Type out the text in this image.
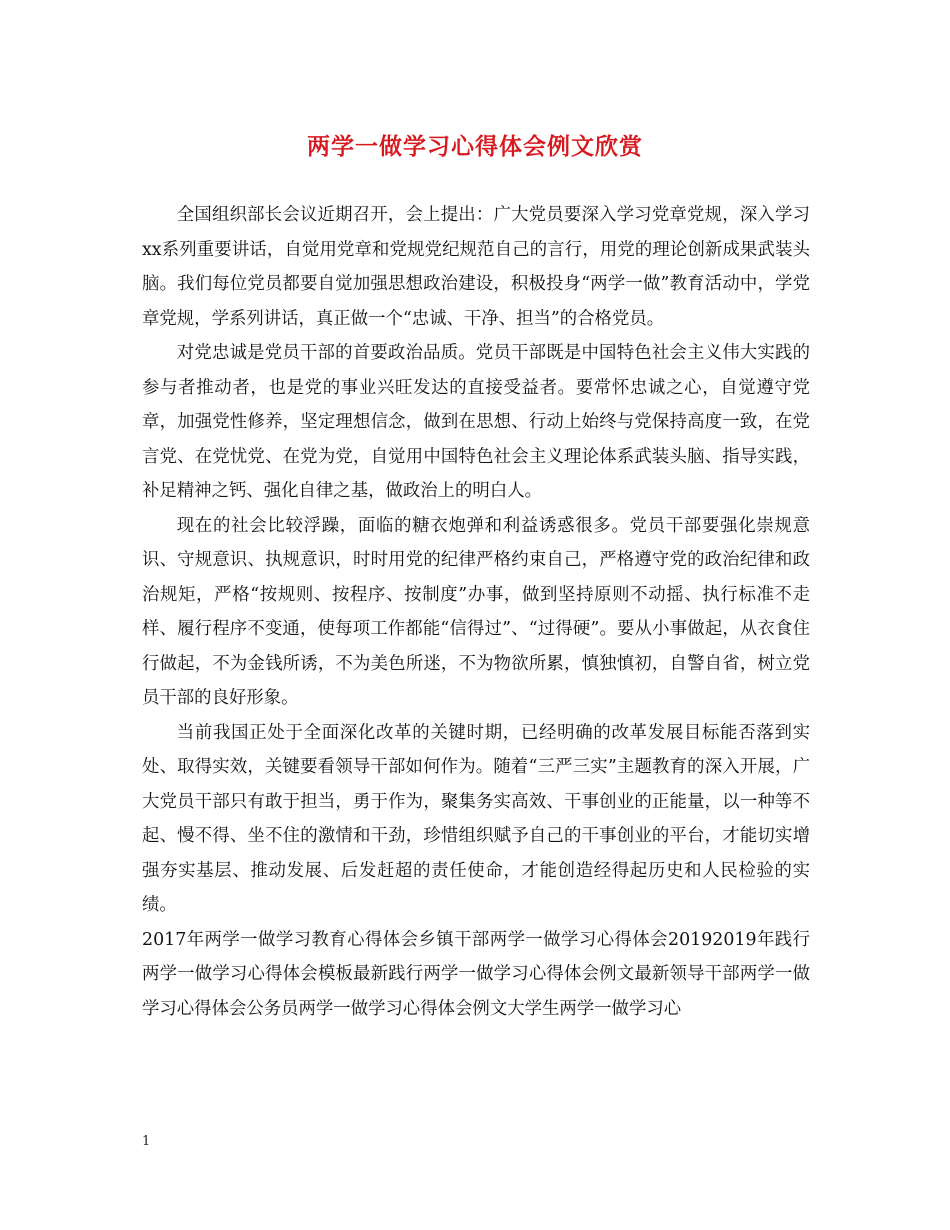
两学一做学习心得体会例文欣赏

全国组织部长会议近期召开，会上提出：广大党员要深入学习党章党规，深入学习xx系列重要讲话，自觉用党章和党规党纪规范自己的言行，用党的理论创新成果武装头脑。我们每位党员都要自觉加强思想政治建设，积极投身“两学一做”教育活动中，学党章党规，学系列讲话，真正做一个“忠诚、干净、担当”的合格党员。

对党忠诚是党员干部的首要政治品质。党员干部既是中国特色社会主义伟大实践的参与者推动者，也是党的事业兴旺发达的直接受益者。要常怀忠诚之心，自觉遵守党章，加强党性修养，坚定理想信念，做到在思想、行动上始终与党保持高度一致，在党言党、在党忧党、在党为党，自觉用中国特色社会主义理论体系武装头脑、指导实践，补足精神之钙、强化自律之基，做政治上的明白人。

现在的社会比较浮躁，面临的糖衣炮弹和利益诱惑很多。党员干部要强化崇规意识、守规意识、执规意识，时时用党的纪律严格约束自己，严格遵守党的政治纪律和政治规矩，严格“按规则、按程序、按制度”办事，做到坚持原则不动摇、执行标准不走样、履行程序不变通，使每项工作都能“信得过”、“过得硬”。要从小事做起，从衣食住行做起，不为金钱所诱，不为美色所迷，不为物欲所累，慎独慎初，自警自省，树立党员干部的良好形象。

当前我国正处于全面深化改革的关键时期，已经明确的改革发展目标能否落到实处、取得实效，关键要看领导干部如何作为。随着“三严三实”主题教育的深入开展，广大党员干部只有敢于担当，勇于作为，聚集务实高效、干事创业的正能量，以一种等不起、慢不得、坐不住的激情和干劲，珍惜组织赋予自己的干事创业的平台，才能切实增强夯实基层、推动发展、后发赶超的责任使命，才能创造经得起历史和人民检验的实绩。

2017年两学一做学习教育心得体会乡镇干部两学一做学习心得体会20192019年践行两学一做学习心得体会模板最新践行两学一做学习心得体会例文最新领导干部两学一做学习心得体会公务员两学一做学习心得体会例文大学生两学一做学习心

1
